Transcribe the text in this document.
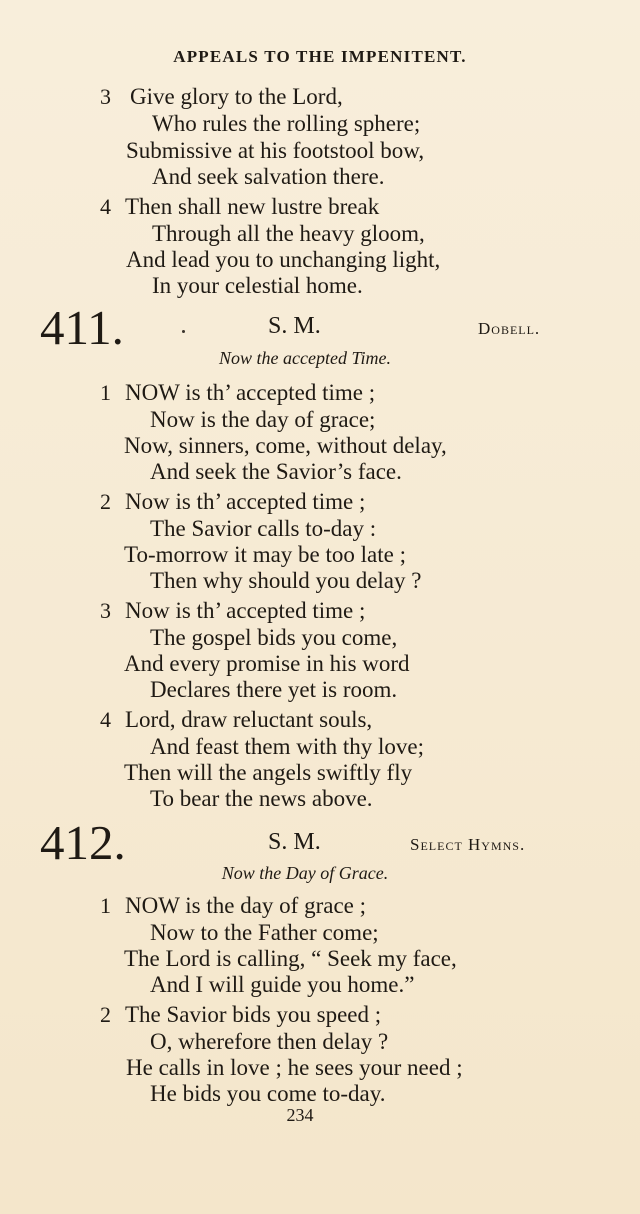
APPEALS TO THE IMPENITENT.
3 Give glory to the Lord,
Who rules the rolling sphere;
Submissive at his footstool bow,
And seek salvation there.
4 Then shall new lustre break
Through all the heavy gloom,
And lead you to unchanging light,
In your celestial home.
411.	S. M.	Dobell.
Now the accepted Time.
1 NOW is th’ accepted time ;
Now is the day of grace;
Now, sinners, come, without delay,
And seek the Savior’s face.
2 Now is th’ accepted time ;
The Savior calls to-day :
To-morrow it may be too late ;
Then why should you delay ?
3 Now is th’ accepted time ;
The gospel bids you come,
And every promise in his word
Declares there yet is room.
4 Lord, draw reluctant souls,
And feast them with thy love;
Then will the angels swiftly fly
To bear the news above.
412.	S. M.	Select Hymns.
Now the Day of Grace.
1 NOW is the day of grace ;
Now to the Father come;
The Lord is calling, “ Seek my face,
And I will guide you home.”
2 The Savior bids you speed ;
O, wherefore then delay ?
He calls in love ; he sees your need ;
He bids you come to-day.
234
